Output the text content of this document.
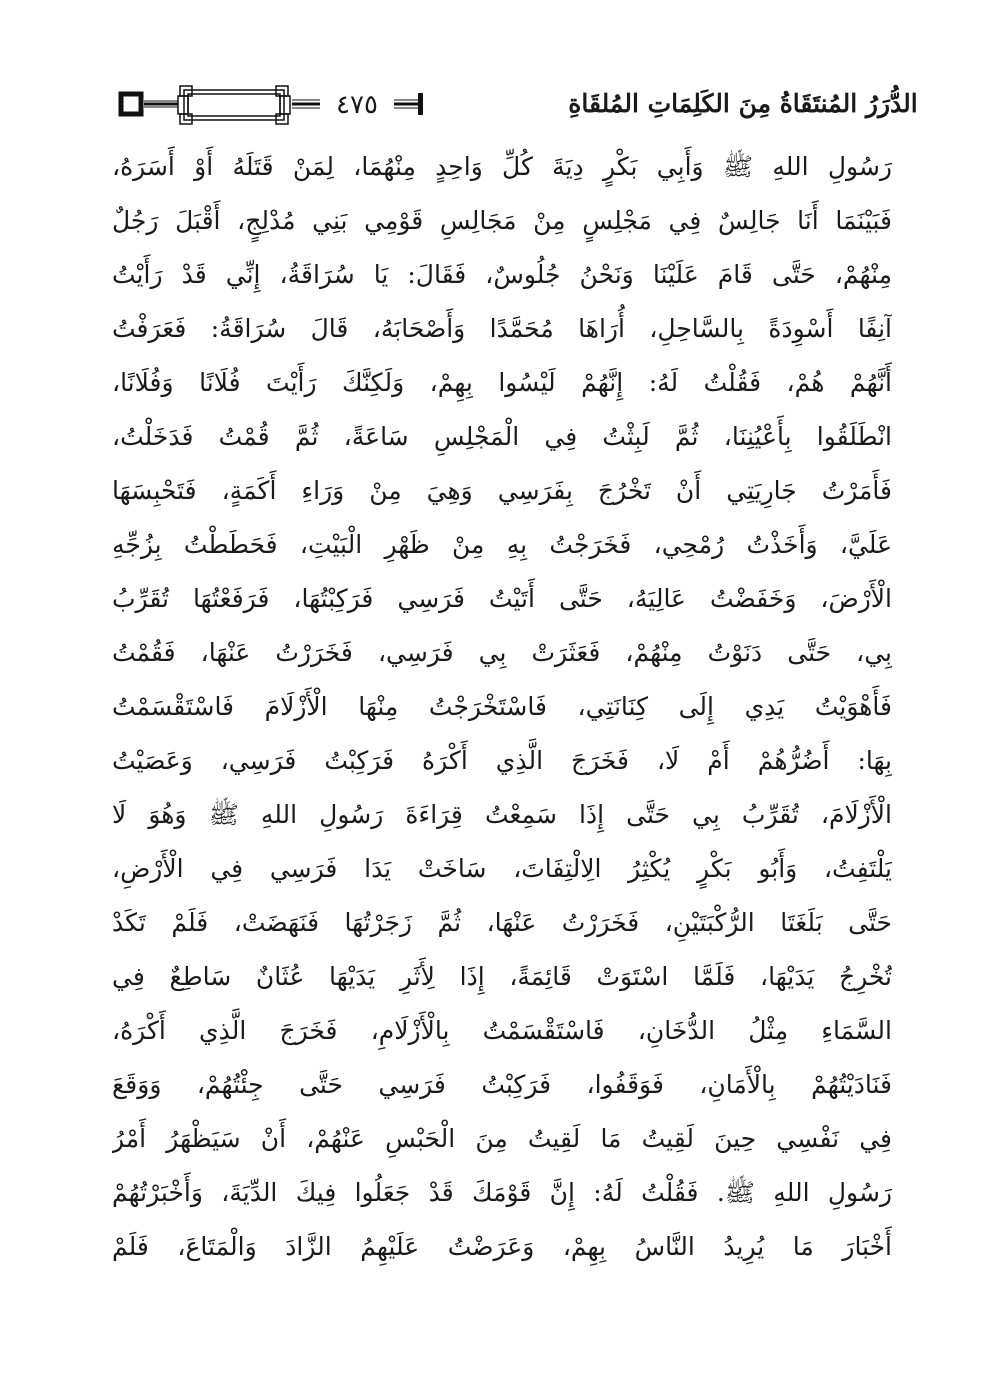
٤٧٥	الدُّرَرُ المُنتَقَاةُ مِنَ الكَلِمَاتِ المُلقَاةِ
رَسُولِ اللهِ ﷺ وَأَبِي بَكْرٍ دِيَةَ كُلِّ وَاحِدٍ مِنْهُمَا، لِمَنْ قَتَلَهُ أَوْ أَسَرَهُ،
فَبَيْنَمَا أَنَا جَالِسٌ فِي مَجْلِسٍ مِنْ مَجَالِسِ قَوْمِي بَنِي مُدْلِجٍ، أَقْبَلَ رَجُلٌ
مِنْهُمْ، حَتَّى قَامَ عَلَيْنَا وَنَحْنُ جُلُوسٌ، فَقَالَ: يَا سُرَاقَةُ، إِنِّي قَدْ رَأَيْتُ
آنِفًا أَسْوِدَةً بِالسَّاحِلِ، أُرَاهَا مُحَمَّدًا وَأَصْحَابَهُ، قَالَ سُرَاقَةُ: فَعَرَفْتُ
أَنَّهُمْ هُمْ، فَقُلْتُ لَهُ: إِنَّهُمْ لَيْسُوا بِهِمْ، وَلَكِنَّكَ رَأَيْتَ فُلَانًا وَفُلَانًا،
انْطَلَقُوا بِأَعْيُنِنَا، ثُمَّ لَبِثْتُ فِي الْمَجْلِسِ سَاعَةً، ثُمَّ قُمْتُ فَدَخَلْتُ،
فَأَمَرْتُ جَارِيَتِي أَنْ تَخْرُجَ بِفَرَسِي وَهِيَ مِنْ وَرَاءِ أَكَمَةٍ، فَتَحْبِسَهَا
عَلَيَّ، وَأَخَذْتُ رُمْحِي، فَخَرَجْتُ بِهِ مِنْ ظَهْرِ الْبَيْتِ، فَحَطَطْتُ بِزُجِّهِ
الْأَرْضَ، وَخَفَضْتُ عَالِيَهُ، حَتَّى أَتَيْتُ فَرَسِي فَرَكِبْتُهَا، فَرَفَعْتُهَا تُقَرِّبُ
بِي، حَتَّى دَنَوْتُ مِنْهُمْ، فَعَثَرَتْ بِي فَرَسِي، فَخَرَرْتُ عَنْهَا، فَقُمْتُ
فَأَهْوَيْتُ يَدِي إِلَى كِنَانَتِي، فَاسْتَخْرَجْتُ مِنْهَا الْأَزْلَامَ فَاسْتَقْسَمْتُ
بِهَا: أَضُرُّهُمْ أَمْ لَا، فَخَرَجَ الَّذِي أَكْرَهُ فَرَكِبْتُ فَرَسِي، وَعَصَيْتُ
الْأَزْلَامَ، تُقَرِّبُ بِي حَتَّى إِذَا سَمِعْتُ قِرَاءَةَ رَسُولِ اللهِ ﷺ وَهُوَ لَا
يَلْتَفِتُ، وَأَبُو بَكْرٍ يُكْثِرُ الِالْتِفَاتَ، سَاخَتْ يَدَا فَرَسِي فِي الْأَرْضِ،
حَتَّى بَلَغَتَا الرُّكْبَتَيْنِ، فَخَرَرْتُ عَنْهَا، ثُمَّ زَجَرْتُهَا فَنَهَضَتْ، فَلَمْ تَكَدْ
تُخْرِجُ يَدَيْهَا، فَلَمَّا اسْتَوَتْ قَائِمَةً، إِذَا لِأَثَرِ يَدَيْهَا عُثَانٌ سَاطِعٌ فِي
السَّمَاءِ مِثْلُ الدُّخَانِ، فَاسْتَقْسَمْتُ بِالْأَزْلَامِ، فَخَرَجَ الَّذِي أَكْرَهُ،
فَنَادَيْتُهُمْ بِالْأَمَانِ، فَوَقَفُوا، فَرَكِبْتُ فَرَسِي حَتَّى جِئْتُهُمْ، وَوَقَعَ
فِي نَفْسِي حِينَ لَقِيتُ مَا لَقِيتُ مِنَ الْحَبْسِ عَنْهُمْ، أَنْ سَيَظْهَرُ أَمْرُ
رَسُولِ اللهِ ﷺ. فَقُلْتُ لَهُ: إِنَّ قَوْمَكَ قَدْ جَعَلُوا فِيكَ الدِّيَةَ، وَأَخْبَرْتُهُمْ
أَخْبَارَ مَا يُرِيدُ النَّاسُ بِهِمْ، وَعَرَضْتُ عَلَيْهِمُ الزَّادَ وَالْمَتَاعَ، فَلَمْ
